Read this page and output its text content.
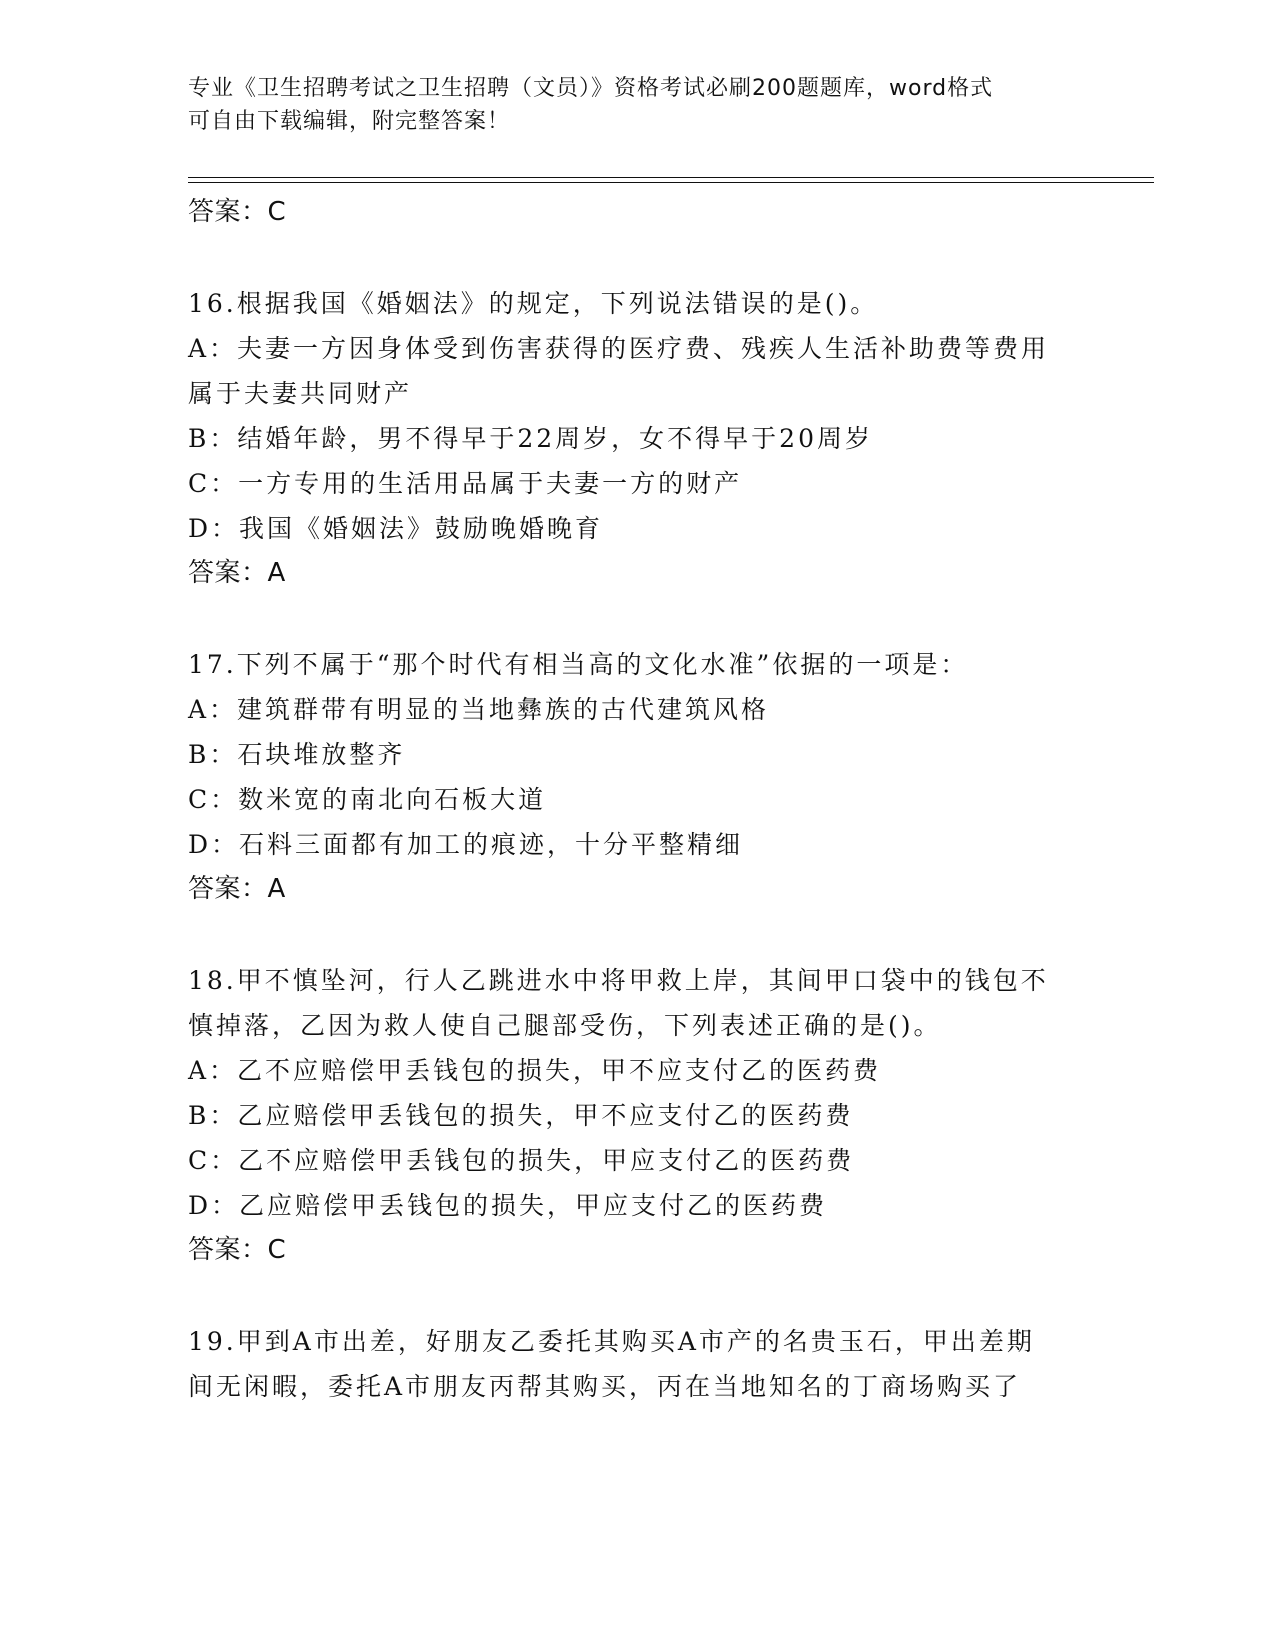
专业《卫生招聘考试之卫生招聘（文员）》资格考试必刷200题题库，word格式
可自由下载编辑，附完整答案！
答案：C
16.根据我国《婚姻法》的规定，下列说法错误的是()。
A：夫妻一方因身体受到伤害获得的医疗费、残疾人生活补助费等费用
属于夫妻共同财产
B：结婚年龄，男不得早于22周岁，女不得早于20周岁
C：一方专用的生活用品属于夫妻一方的财产
D：我国《婚姻法》鼓励晚婚晚育
答案：A
17.下列不属于“那个时代有相当高的文化水准”依据的一项是：
A：建筑群带有明显的当地彝族的古代建筑风格
B：石块堆放整齐
C：数米宽的南北向石板大道
D：石料三面都有加工的痕迹，十分平整精细
答案：A
18.甲不慎坠河，行人乙跳进水中将甲救上岸，其间甲口袋中的钱包不
慎掉落，乙因为救人使自己腿部受伤，下列表述正确的是()。
A：乙不应赔偿甲丢钱包的损失，甲不应支付乙的医药费
B：乙应赔偿甲丢钱包的损失，甲不应支付乙的医药费
C：乙不应赔偿甲丢钱包的损失，甲应支付乙的医药费
D：乙应赔偿甲丢钱包的损失，甲应支付乙的医药费
答案：C
19.甲到A市出差，好朋友乙委托其购买A市产的名贵玉石，甲出差期
间无闲暇，委托A市朋友丙帮其购买，丙在当地知名的丁商场购买了
